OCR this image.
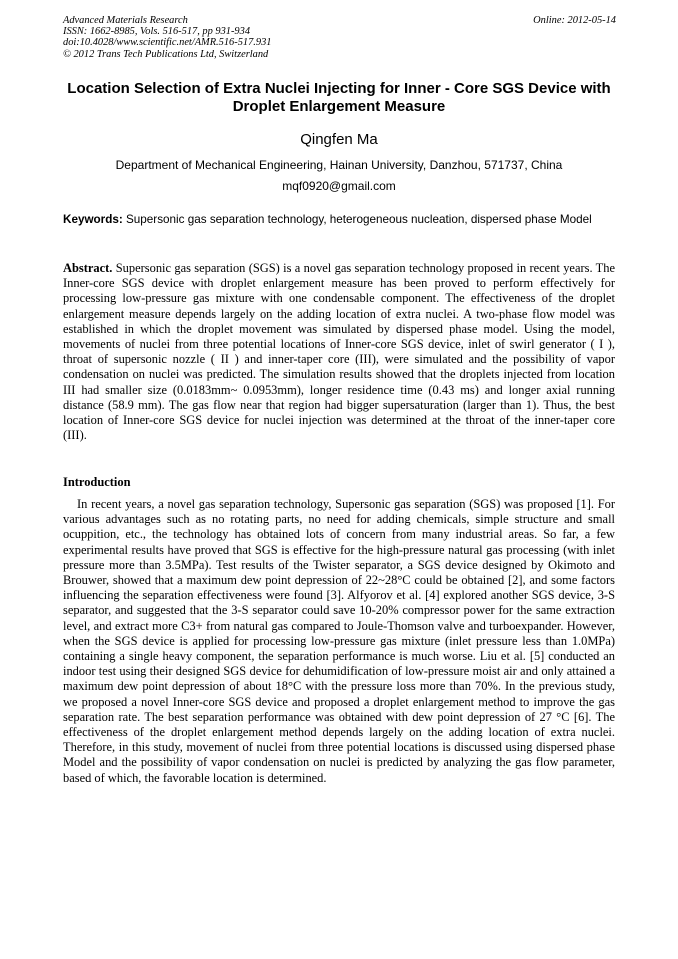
Advanced Materials Research
ISSN: 1662-8985, Vols. 516-517, pp 931-934
doi:10.4028/www.scientific.net/AMR.516-517.931
© 2012 Trans Tech Publications Ltd, Switzerland
Online: 2012-05-14
Location Selection of Extra Nuclei Injecting for Inner - Core SGS Device with Droplet Enlargement Measure
Qingfen Ma
Department of Mechanical Engineering, Hainan University, Danzhou, 571737, China
mqf0920@gmail.com
Keywords: Supersonic gas separation technology, heterogeneous nucleation, dispersed phase Model
Abstract. Supersonic gas separation (SGS) is a novel gas separation technology proposed in recent years. The Inner-core SGS device with droplet enlargement measure has been proved to perform effectively for processing low-pressure gas mixture with one condensable component. The effectiveness of the droplet enlargement measure depends largely on the adding location of extra nuclei. A two-phase flow model was established in which the droplet movement was simulated by dispersed phase model. Using the model, movements of nuclei from three potential locations of Inner-core SGS device, inlet of swirl generator ( I ), throat of supersonic nozzle ( II ) and inner-taper core (III), were simulated and the possibility of vapor condensation on nuclei was predicted. The simulation results showed that the droplets injected from location III had smaller size (0.0183mm~ 0.0953mm), longer residence time (0.43 ms) and longer axial running distance (58.9 mm). The gas flow near that region had bigger supersaturation (larger than 1). Thus, the best location of Inner-core SGS device for nuclei injection was determined at the throat of the inner-taper core (III).
Introduction
In recent years, a novel gas separation technology, Supersonic gas separation (SGS) was proposed [1]. For various advantages such as no rotating parts, no need for adding chemicals, simple structure and small ocuppition, etc., the technology has obtained lots of concern from many industrial areas. So far, a few experimental results have proved that SGS is effective for the high-pressure natural gas processing (with inlet pressure more than 3.5MPa). Test results of the Twister separator, a SGS device designed by Okimoto and Brouwer, showed that a maximum dew point depression of 22~28°C could be obtained [2], and some factors influencing the separation effectiveness were found [3]. Alfyorov et al. [4] explored another SGS device, 3-S separator, and suggested that the 3-S separator could save 10-20% compressor power for the same extraction level, and extract more C3+ from natural gas compared to Joule-Thomson valve and turboexpander. However, when the SGS device is applied for processing low-pressure gas mixture (inlet pressure less than 1.0MPa) containing a single heavy component, the separation performance is much worse. Liu et al. [5] conducted an indoor test using their designed SGS device for dehumidification of low-pressure moist air and only attained a maximum dew point depression of about 18°C with the pressure loss more than 70%. In the previous study, we proposed a novel Inner-core SGS device and proposed a droplet enlargement method to improve the gas separation rate. The best separation performance was obtained with dew point depression of 27 °C [6]. The effectiveness of the droplet enlargement method depends largely on the adding location of extra nuclei. Therefore, in this study, movement of nuclei from three potential locations is discussed using dispersed phase Model and the possibility of vapor condensation on nuclei is predicted by analyzing the gas flow parameter, based of which, the favorable location is determined.
